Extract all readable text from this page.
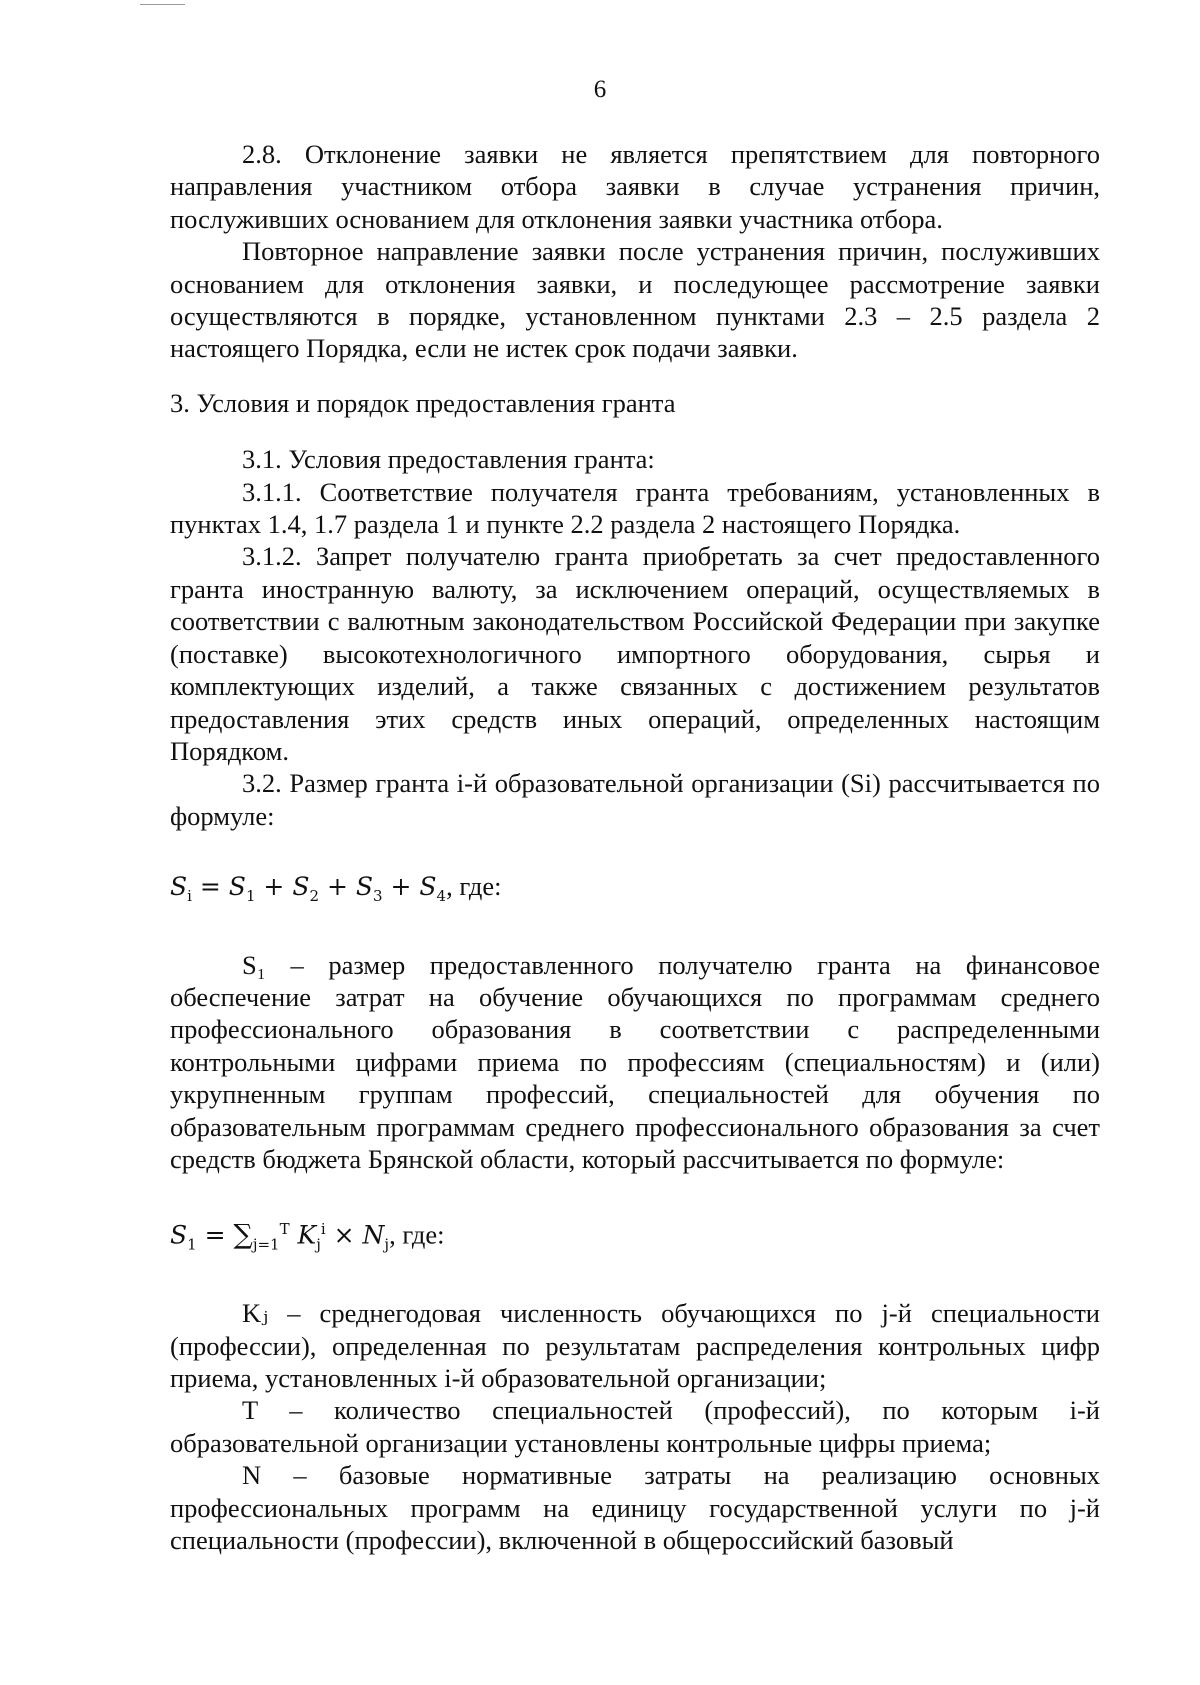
6

2.8. Отклонение заявки не является препятствием для повторного направления участником отбора заявки в случае устранения причин, послуживших основанием для отклонения заявки участника отбора.

Повторное направление заявки после устранения причин, послуживших основанием для отклонения заявки, и последующее рассмотрение заявки осуществляются в порядке, установленном пунктами 2.3 – 2.5 раздела 2 настоящего Порядка, если не истек срок подачи заявки.

3. Условия и порядок предоставления гранта

3.1. Условия предоставления гранта:

3.1.1. Соответствие получателя гранта требованиям, установленных в пунктах 1.4, 1.7 раздела 1 и пункте 2.2 раздела 2 настоящего Порядка.

3.1.2. Запрет получателю гранта приобретать за счет предоставленного гранта иностранную валюту, за исключением операций, осуществляемых в соответствии с валютным законодательством Российской Федерации при закупке (поставке) высокотехнологичного импортного оборудования, сырья и комплектующих изделий, а также связанных с достижением результатов предоставления этих средств иных операций, определенных настоящим Порядком.

3.2. Размер гранта i-й образовательной организации (Si) рассчитывается по формуле:

$S_i = S_1 + S_2 + S_3 + S_4$, где:

S₁ – размер предоставленного получателю гранта на финансовое обеспечение затрат на обучение обучающихся по программам среднего профессионального образования в соответствии с распределенными контрольными цифрами приема по профессиям (специальностям) и (или) укрупненным группам профессий, специальностей для обучения по образовательным программам среднего профессионального образования за счет средств бюджета Брянской области, который рассчитывается по формуле:

$S_1 = \sum_{j=1}^T$ $K_j^i \times N_j$, где:

Kⱼ – среднегодовая численность обучающихся по j-й специальности (профессии), определенная по результатам распределения контрольных цифр приема, установленных i-й образовательной организации;

T – количество специальностей (профессий), по которым i-й образовательной организации установлены контрольные цифры приема;

N – базовые нормативные затраты на реализацию основных профессиональных программ на единицу государственной услуги по j-й специальности (профессии), включенной в общероссийский базовый
